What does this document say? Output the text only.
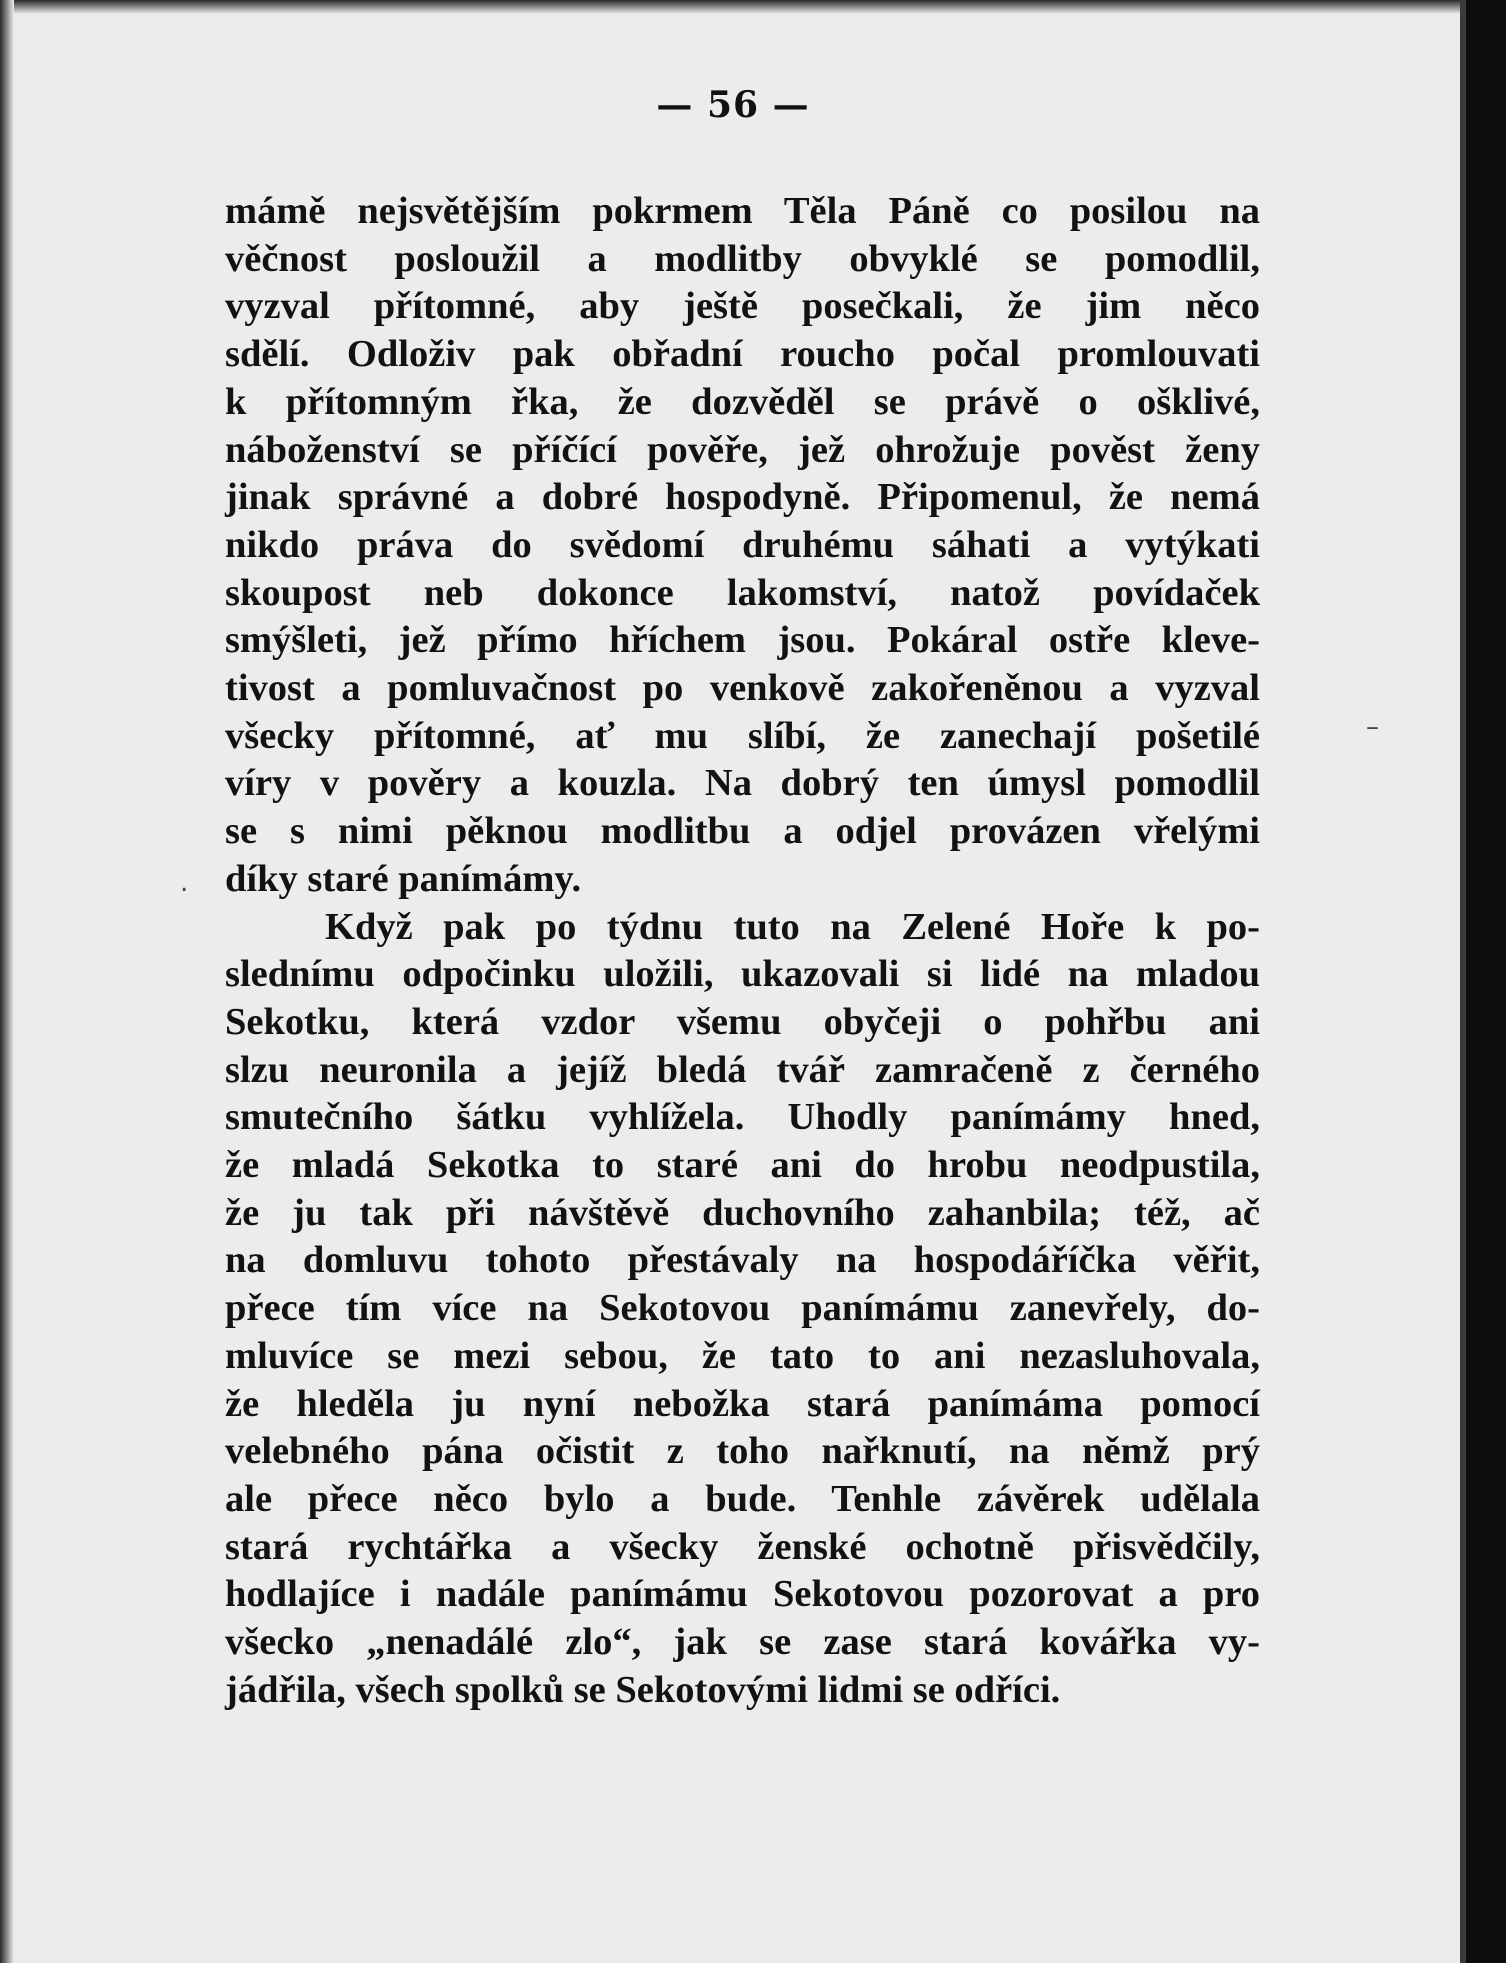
— 56 —
mámě nejsvětějším pokrmem Těla Páně co posilou na
věčnost posloužil a modlitby obvyklé se pomodlil,
vyzval přítomné, aby ještě posečkali, že jim něco
sdělí. Odloživ pak obřadní roucho počal promlouvati
k přítomným řka, že dozvěděl se právě o ošklivé,
náboženství se příčící pověře, jež ohrožuje pověst ženy
jinak správné a dobré hospodyně. Připomenul, že nemá
nikdo práva do svědomí druhému sáhati a vytýkati
skoupost neb dokonce lakomství, natož povídaček
smýšleti, jež přímo hříchem jsou. Pokáral ostře kleve-
tivost a pomluvačnost po venkově zakořeněnou a vyzval
všecky přítomné, ať mu slíbí, že zanechají pošetilé
víry v pověry a kouzla. Na dobrý ten úmysl pomodlil
se s nimi pěknou modlitbu a odjel provázen vřelými
díky staré panímámy.
Když pak po týdnu tuto na Zelené Hoře k po-
slednímu odpočinku uložili, ukazovali si lidé na mladou
Sekotku, která vzdor všemu obyčeji o pohřbu ani
slzu neuronila a jejíž bledá tvář zamračeně z černého
smutečního šátku vyhlížela. Uhodly panímámy hned,
že mladá Sekotka to staré ani do hrobu neodpustila,
že ju tak při návštěvě duchovního zahanbila; též, ač
na domluvu tohoto přestávaly na hospodáříčka věřit,
přece tím více na Sekotovou panímámu zanevřely, do-
mluvíce se mezi sebou, že tato to ani nezasluhovala,
že hleděla ju nyní nebožka stará panímáma pomocí
velebného pána očistit z toho nařknutí, na němž prý
ale přece něco bylo a bude. Tenhle závěrek udělala
stará rychtářka a všecky ženské ochotně přisvědčily,
hodlajíce i nadále panímámu Sekotovou pozorovat a pro
všecko „nenadálé zlo“, jak se zase stará kovářka vy-
jádřila, všech spolků se Sekotovými lidmi se odříci.
–
.
